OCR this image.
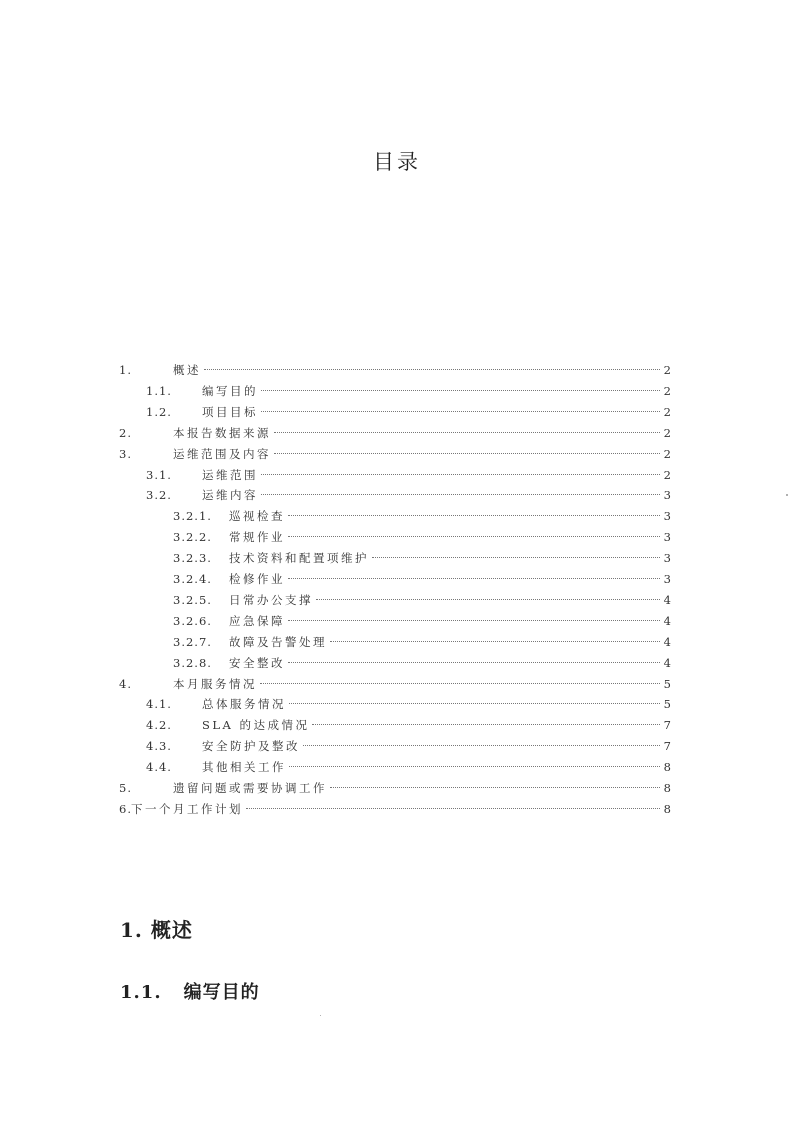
目录
1.	概述	2
1.1.	编写目的	2
1.2.	项目目标	2
2.	本报告数据来源	2
3.	运维范围及内容	2
3.1.	运维范围	2
3.2.	运维内容	3
3.2.1.	巡视检查	3
3.2.2.	常规作业	3
3.2.3.	技术资料和配置项维护	3
3.2.4.	检修作业	3
3.2.5.	日常办公支撑	4
3.2.6.	应急保障	4
3.2.7.	故障及告警处理	4
3.2.8.	安全整改	4
4.	本月服务情况	5
4.1.	总体服务情况	5
4.2.	SLA 的达成情况	7
4.3.	安全防护及整改	7
4.4.	其他相关工作	8
5.	遗留问题或需要协调工作	8
6. 下一个月工作计划	8
1. 概述
1.1. 编写目的
